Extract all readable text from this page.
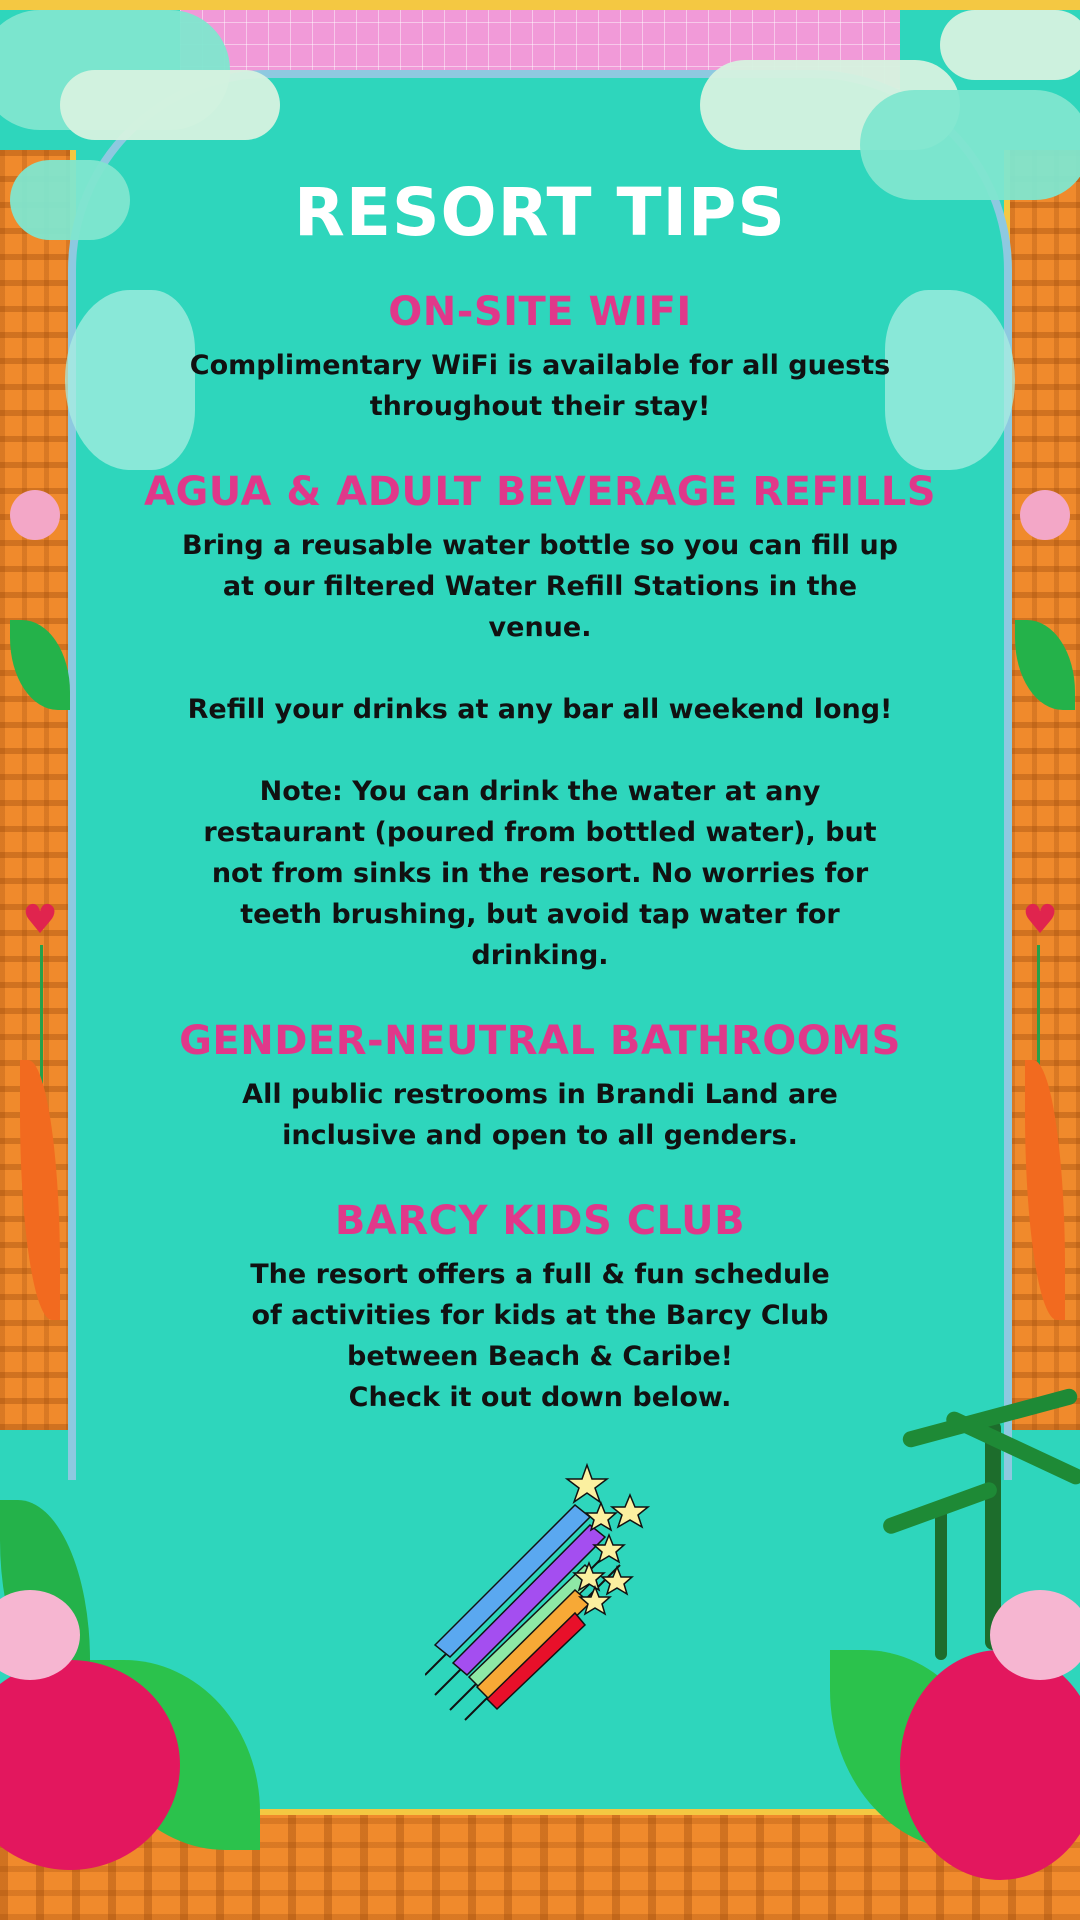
♥	♥
RESORT TIPS
ON-SITE WIFI

Complimentary WiFi is available for all guests
throughout their stay!

AGUA & ADULT BEVERAGE REFILLS

Bring a reusable water bottle so you can fill up
at our filtered Water Refill Stations in the
venue.

Refill your drinks at any bar all weekend long!

Note: You can drink the water at any
restaurant (poured from bottled water), but
not from sinks in the resort. No worries for
teeth brushing, but avoid tap water for
drinking.

GENDER-NEUTRAL BATHROOMS

All public restrooms in Brandi Land are
inclusive and open to all genders.

BARCY KIDS CLUB

The resort offers a full & fun schedule
of activities for kids at the Barcy Club
between Beach & Caribe!
Check it out down below.
